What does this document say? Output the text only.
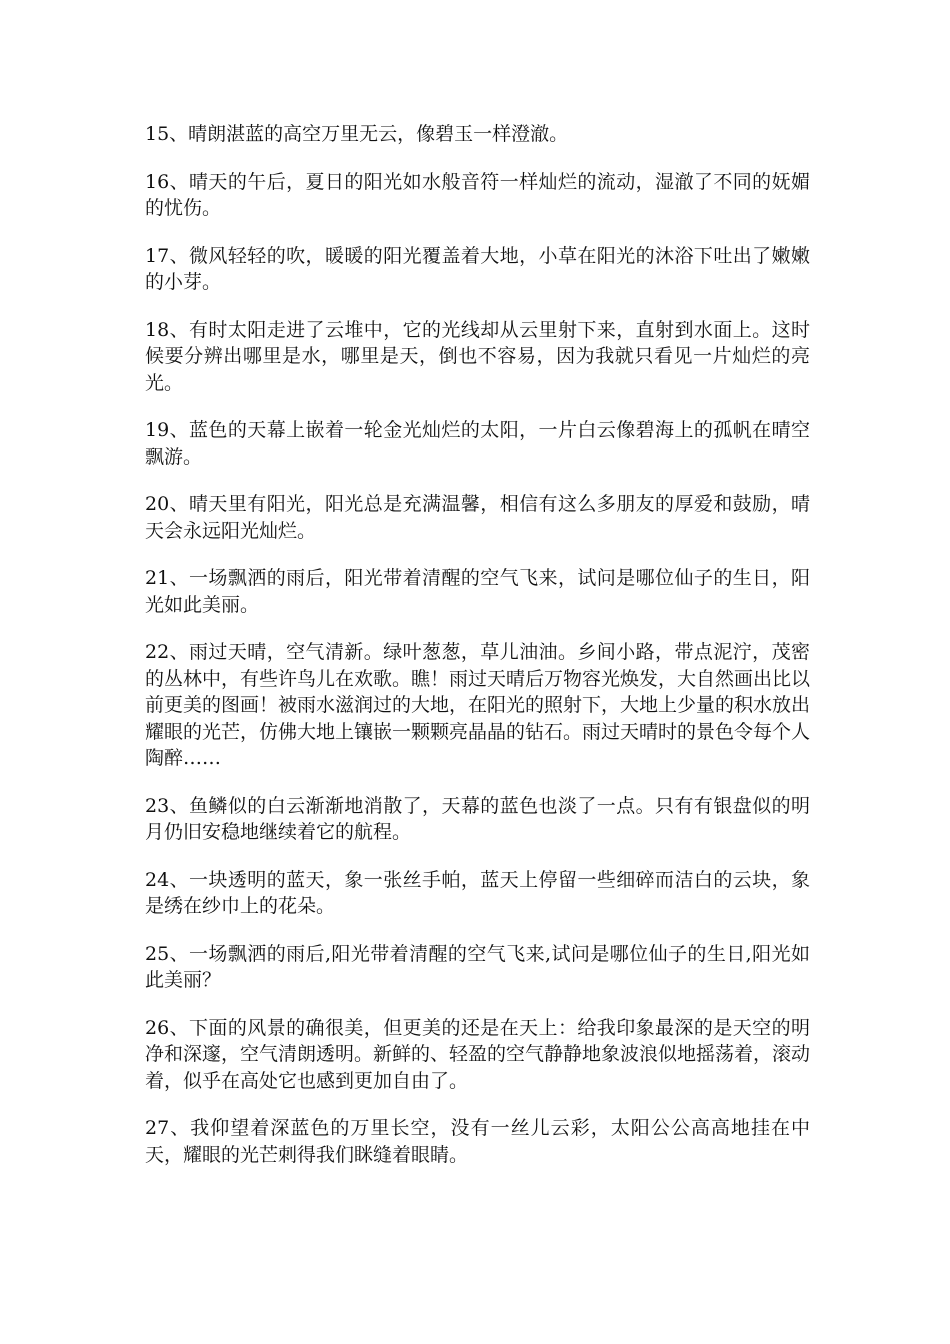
15、晴朗湛蓝的高空万里无云，像碧玉一样澄澈。

16、晴天的午后，夏日的阳光如水般音符一样灿烂的流动，湿澈了不同的妩媚的忧伤。

17、微风轻轻的吹，暖暖的阳光覆盖着大地，小草在阳光的沐浴下吐出了嫩嫩的小芽。

18、有时太阳走进了云堆中，它的光线却从云里射下来，直射到水面上。这时候要分辨出哪里是水，哪里是天，倒也不容易，因为我就只看见一片灿烂的亮光。

19、蓝色的天幕上嵌着一轮金光灿烂的太阳，一片白云像碧海上的孤帆在晴空飘游。

20、晴天里有阳光，阳光总是充满温馨，相信有这么多朋友的厚爱和鼓励，晴天会永远阳光灿烂。

21、一场飘洒的雨后，阳光带着清醒的空气飞来，试问是哪位仙子的生日，阳光如此美丽。

22、雨过天晴，空气清新。绿叶葱葱，草儿油油。乡间小路，带点泥泞，茂密的丛林中，有些许鸟儿在欢歌。瞧！雨过天晴后万物容光焕发，大自然画出比以前更美的图画！被雨水滋润过的大地，在阳光的照射下，大地上少量的积水放出耀眼的光芒，仿佛大地上镶嵌一颗颗亮晶晶的钻石。雨过天晴时的景色令每个人陶醉……

23、鱼鳞似的白云渐渐地消散了，天幕的蓝色也淡了一点。只有有银盘似的明月仍旧安稳地继续着它的航程。

24、一块透明的蓝天，象一张丝手帕，蓝天上停留一些细碎而洁白的云块，象是绣在纱巾上的花朵。

25、一场飘洒的雨后,阳光带着清醒的空气飞来,试问是哪位仙子的生日,阳光如此美丽？

26、下面的风景的确很美，但更美的还是在天上：给我印象最深的是天空的明净和深邃，空气清朗透明。新鲜的、轻盈的空气静静地象波浪似地摇荡着，滚动着，似乎在高处它也感到更加自由了。

27、我仰望着深蓝色的万里长空，没有一丝儿云彩，太阳公公高高地挂在中天，耀眼的光芒刺得我们眯缝着眼睛。
